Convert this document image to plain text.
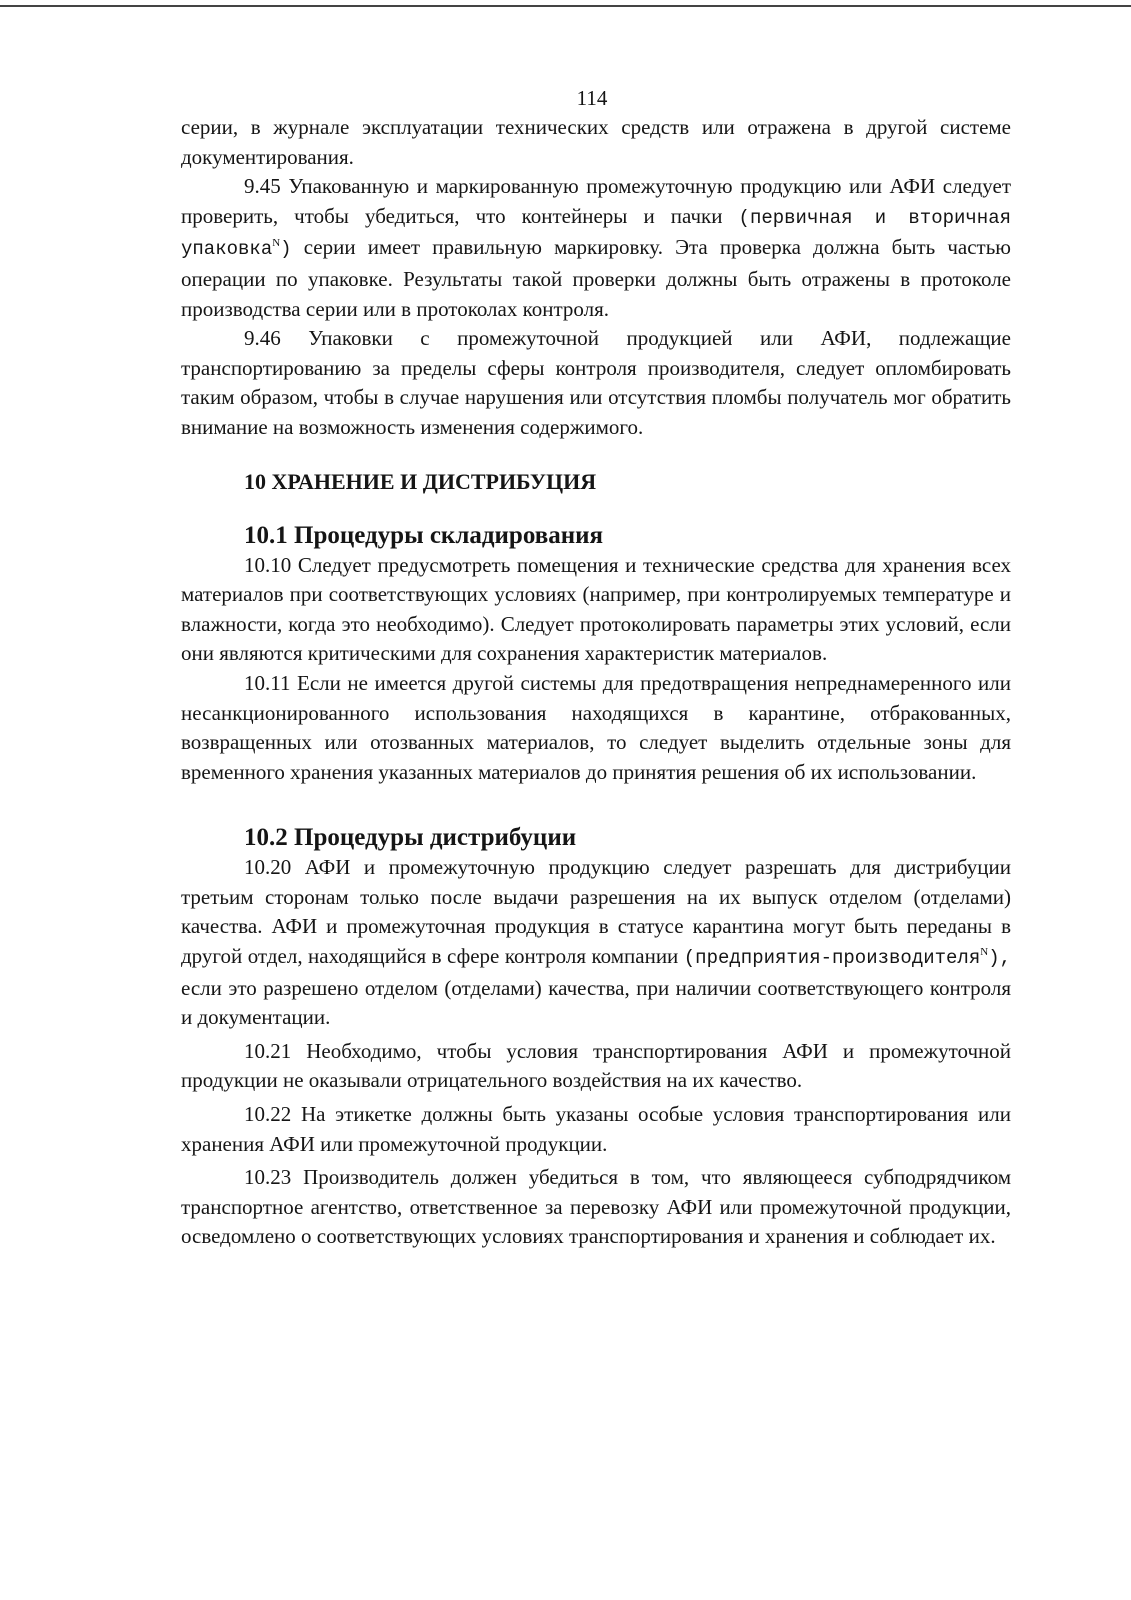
114

серии, в журнале эксплуатации технических средств или отражена в другой системе документирования.

9.45 Упакованную и маркированную промежуточную продукцию или АФИ следует проверить, чтобы убедиться, что контейнеры и пачки (первичная и вторичная упаковка$^N$) серии имеет правильную маркировку. Эта проверка должна быть частью операции по упаковке. Результаты такой проверки должны быть отражены в протоколе производства серии или в протоколах контроля.

9.46 Упаковки с промежуточной продукцией или АФИ, подлежащие транспортированию за пределы сферы контроля производителя, следует опломбировать таким образом, чтобы в случае нарушения или отсутствия пломбы получатель мог обратить внимание на возможность изменения содержимого.

10 ХРАНЕНИЕ И ДИСТРИБУЦИЯ
10.1 Процедуры складирования

10.10 Следует предусмотреть помещения и технические средства для хранения всех материалов при соответствующих условиях (например, при контролируемых температуре и влажности, когда это необходимо). Следует протоколировать параметры этих условий, если они являются критическими для сохранения характеристик материалов.

10.11 Если не имеется другой системы для предотвращения непреднамеренного или несанкционированного использования находящихся в карантине, отбракованных, возвращенных или отозванных материалов, то следует выделить отдельные зоны для временного хранения указанных материалов до принятия решения об их использовании.

10.2 Процедуры дистрибуции

10.20 АФИ и промежуточную продукцию следует разрешать для дистрибуции третьим сторонам только после выдачи разрешения на их выпуск отделом (отделами) качества. АФИ и промежуточная продукция в статусе карантина могут быть переданы в другой отдел, находящийся в сфере контроля компании (предприятия-производителя$^N$), если это разрешено отделом (отделами) качества, при наличии соответствующего контроля и документации.

10.21 Необходимо, чтобы условия транспортирования АФИ и промежуточной продукции не оказывали отрицательного воздействия на их качество.

10.22 На этикетке должны быть указаны особые условия транспортирования или хранения АФИ или промежуточной продукции.

10.23 Производитель должен убедиться в том, что являющееся субподрядчиком транспортное агентство, ответственное за перевозку АФИ или промежуточной продукции, осведомлено о соответствующих условиях транспортирования и хранения и соблюдает их.
